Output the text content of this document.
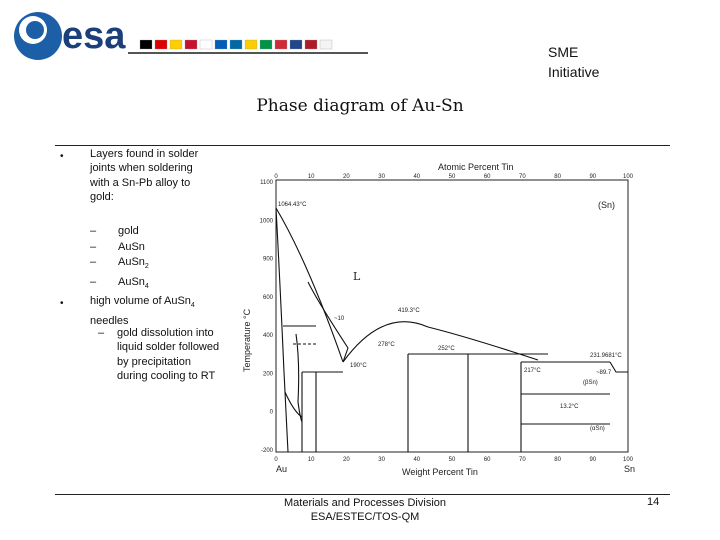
esa	SME
Initiative
Phase diagram of Au-Sn
• Layers found in solder joints when soldering with a Sn-Pb alloy to gold:
– gold
– AuSn
– AuSn$_2$
– AuSn$_4$
• high volume of AuSn$_4$ needles
– gold dissolution into liquid solder followed by precipitation during cooling to RT
Atomic Percent Tin
Weight Percent Tin
Temperature °C
Au	Sn
(Sn)
L
0	10	20	30	40	50	60	70	80	90	100
0	10	20	30	40	50	60	70	80	90	100
1100
1000
900
600
400
200
0
-200
1064.43°C
419.3°C
~10
278°C
252°C
190°C
217°C
231.9681°C
~89.7
13.2°C
(αSn)
(βSn)
Materials and Processes Division
ESA/ESTEC/TOS-QM
14
